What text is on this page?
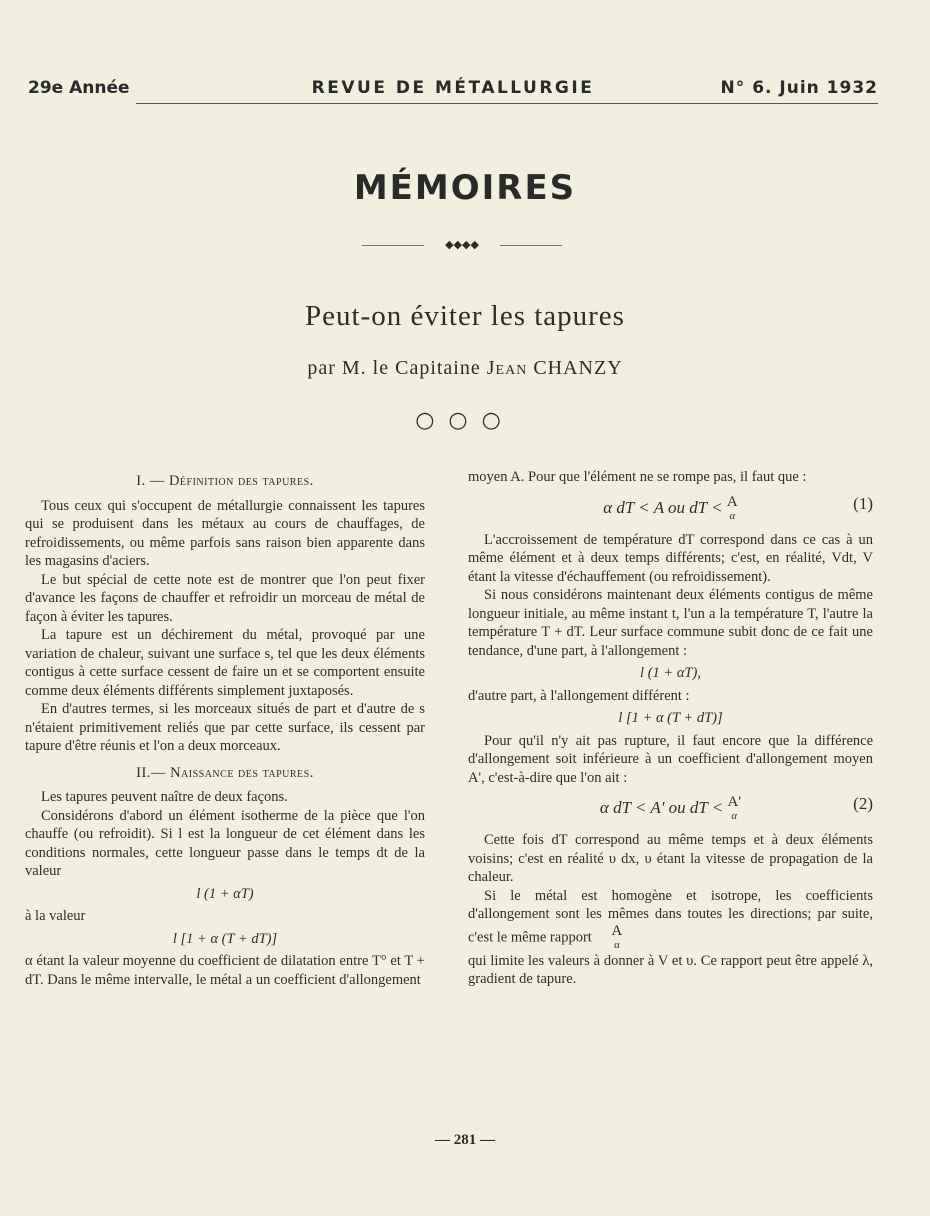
29e Année	REVUE DE MÉTALLURGIE	N° 6. Juin 1932
MÉMOIRES
◆◆◆◆
Peut-on éviter les tapures
par M. le Capitaine Jean CHANZY
○○○

I. — Définition des tapures.

Tous ceux qui s'occupent de métallurgie connaissent les tapures qui se produisent dans les métaux au cours de chauffages, de refroidissements, ou même parfois sans raison bien apparente dans les magasins d'aciers.

Le but spécial de cette note est de montrer que l'on peut fixer d'avance les façons de chauffer et refroidir un morceau de métal de façon à éviter les tapures.

La tapure est un déchirement du métal, provoqué par une variation de chaleur, suivant une surface s, tel que les deux éléments contigus à cette surface cessent de faire un et se comportent ensuite comme deux éléments différents simplement juxtaposés.

En d'autres termes, si les morceaux situés de part et d'autre de s n'étaient primitivement reliés que par cette surface, ils cessent par tapure d'être réunis et l'on a deux morceaux.

II.— Naissance des tapures.

Les tapures peuvent naître de deux façons.

Considérons d'abord un élément isotherme de la pièce que l'on chauffe (ou refroidit). Si l est la longueur de cet élément dans les conditions normales, cette longueur passe dans le temps dt de la valeur

l (1 + αT)

à la valeur

l [1 + α (T + dT)]

α étant la valeur moyenne du coefficient de dilatation entre T° et T + dT. Dans le même intervalle, le métal a un coefficient d'allongement

moyen A. Pour que l'élément ne se rompe pas, il faut que :

α dT < A ou dT < A
α
(1)

L'accroissement de température dT correspond dans ce cas à un même élément et à deux temps différents; c'est, en réalité, Vdt, V étant la vitesse d'échauffement (ou refroidissement).

Si nous considérons maintenant deux éléments contigus de même longueur initiale, au même instant t, l'un a la température T, l'autre la température T + dT. Leur surface commune subit donc de ce fait une tendance, d'une part, à l'allongement :

l (1 + αT),

d'autre part, à l'allongement différent :

l [1 + α (T + dT)]

Pour qu'il n'y ait pas rupture, il faut encore que la différence d'allongement soit inférieure à un coefficient d'allongement moyen A', c'est-à-dire que l'on ait :

α dT < A' ou dT < A'
α
(2)

Cette fois dT correspond au même temps et à deux éléments voisins; c'est en réalité υ dx, υ étant la vitesse de propagation de la chaleur.

Si le métal est homogène et isotrope, les coefficients d'allongement sont les mêmes dans toutes les directions; par suite, c'est le même rapport	A
α

qui limite les valeurs à donner à V et υ. Ce rapport peut être appelé λ, gradient de tapure.

— 281 —
